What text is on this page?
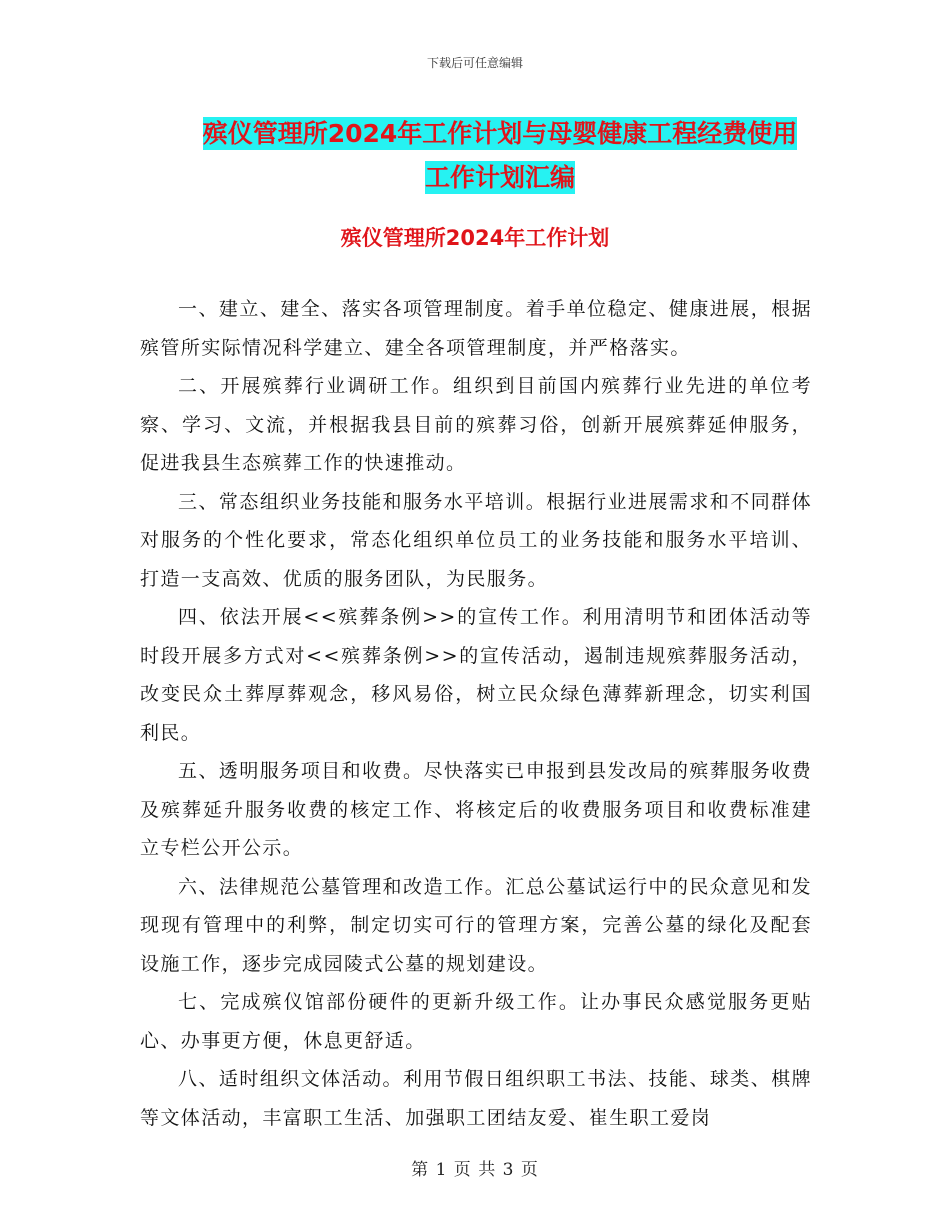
下载后可任意编辑
殡仪管理所2024年工作计划与母婴健康工程经费使用
工作计划汇编
殡仪管理所2024年工作计划

一、建立、建全、落实各项管理制度。着手单位稳定、健康进展，根据殡管所实际情况科学建立、建全各项管理制度，并严格落实。

二、开展殡葬行业调研工作。组织到目前国内殡葬行业先进的单位考察、学习、文流，并根据我县目前的殡葬习俗，创新开展殡葬延伸服务，促进我县生态殡葬工作的快速推动。

三、常态组织业务技能和服务水平培训。根据行业进展需求和不同群体对服务的个性化要求，常态化组织单位员工的业务技能和服务水平培训、打造一支高效、优质的服务团队，为民服务。

四、依法开展<<殡葬条例>>的宣传工作。利用清明节和团体活动等时段开展多方式对<<殡葬条例>>的宣传活动，遏制违规殡葬服务活动，改变民众土葬厚葬观念，移风易俗，树立民众绿色薄葬新理念，切实利国利民。

五、透明服务项目和收费。尽快落实已申报到县发改局的殡葬服务收费及殡葬延升服务收费的核定工作、将核定后的收费服务项目和收费标准建立专栏公开公示。

六、法律规范公墓管理和改造工作。汇总公墓试运行中的民众意见和发现现有管理中的利弊，制定切实可行的管理方案，完善公墓的绿化及配套设施工作，逐步完成园陵式公墓的规划建设。

七、完成殡仪馆部份硬件的更新升级工作。让办事民众感觉服务更贴心、办事更方便，休息更舒适。

八、适时组织文体活动。利用节假日组织职工书法、技能、球类、棋牌等文体活动，丰富职工生活、加强职工团结友爱、崔生职工爱岗

第 1 页 共 3 页
